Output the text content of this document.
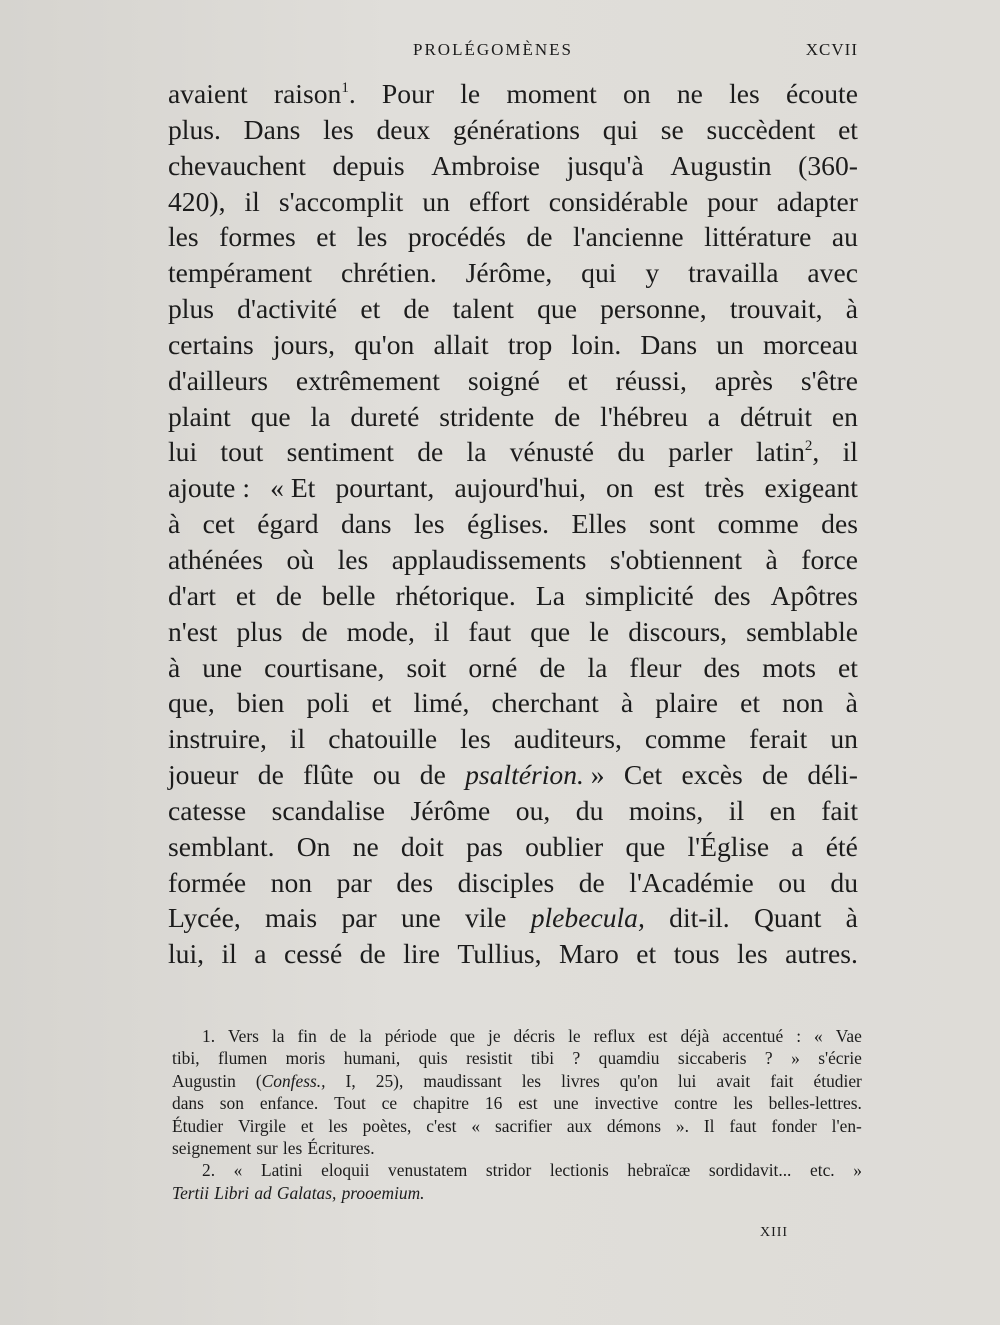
PROLÉGOMÈNES	XCVII
avaient raison$^1$. Pour le moment on ne les écoute
plus. Dans les deux générations qui se succèdent et
chevauchent depuis Ambroise jusqu'à Augustin (360-
420), il s'accomplit un effort considérable pour adapter
les formes et les procédés de l'ancienne littérature au
tempérament chrétien. Jérôme, qui y travailla avec
plus d'activité et de talent que personne, trouvait, à
certains jours, qu'on allait trop loin. Dans un morceau
d'ailleurs extrêmement soigné et réussi, après s'être
plaint que la dureté stridente de l'hébreu a détruit en
lui tout sentiment de la vénusté du parler latin$^2$, il
ajoute : « Et pourtant, aujourd'hui, on est très exigeant
à cet égard dans les églises. Elles sont comme des
athénées où les applaudissements s'obtiennent à force
d'art et de belle rhétorique. La simplicité des Apôtres
n'est plus de mode, il faut que le discours, semblable
à une courtisane, soit orné de la fleur des mots et
que, bien poli et limé, cherchant à plaire et non à
instruire, il chatouille les auditeurs, comme ferait un
joueur de flûte ou de psaltérion. » Cet excès de déli-
catesse scandalise Jérôme ou, du moins, il en fait
semblant. On ne doit pas oublier que l'Église a été
formée non par des disciples de l'Académie ou du
Lycée, mais par une vile plebecula, dit-il. Quant à
lui, il a cessé de lire Tullius, Maro et tous les autres.
1. Vers la fin de la période que je décris le reflux est déjà accentué : « Vae
tibi, flumen moris humani, quis resistit tibi ? quamdiu siccaberis ? » s'écrie
Augustin (Confess., I, 25), maudissant les livres qu'on lui avait fait étudier
dans son enfance. Tout ce chapitre 16 est une invective contre les belles-lettres.
Étudier Virgile et les poètes, c'est « sacrifier aux démons ». Il faut fonder l'en-
seignement sur les Écritures.
2. « Latini eloquii venustatem stridor lectionis hebraïcæ sordidavit... etc. »
Tertii Libri ad Galatas, prooemium.
XIII
